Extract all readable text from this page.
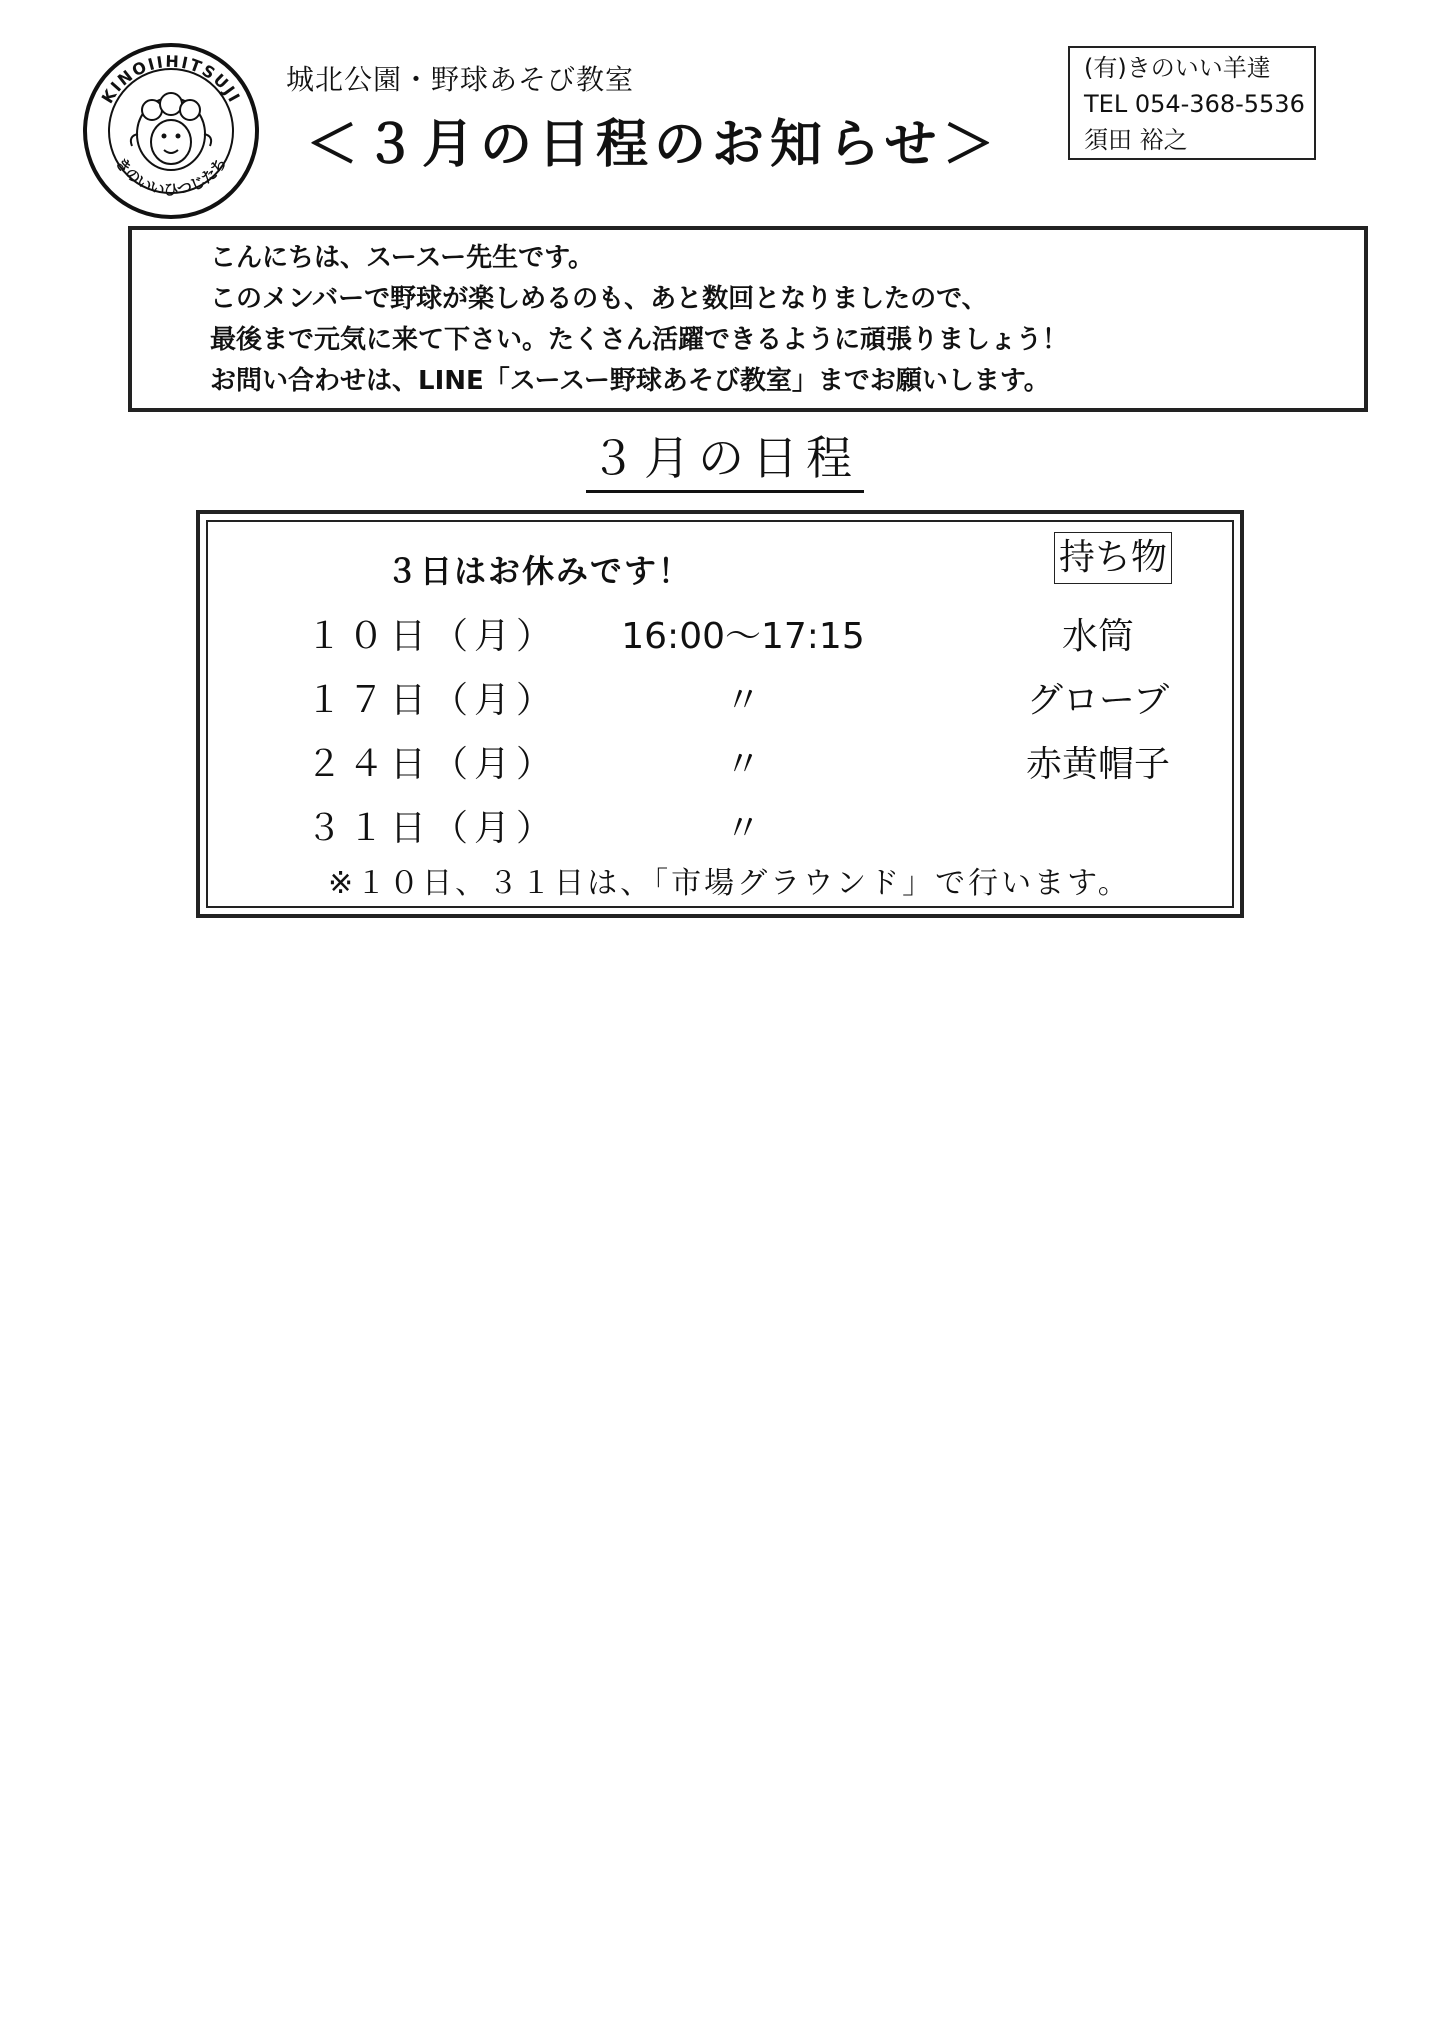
KINOIIHITSUJI
きのいいひつじたち
城北公園・野球あそび教室
＜３月の日程のお知らせ＞
(有)きのいい羊達
TEL 054-368-5536
須田 裕之
こんにちは、スースー先生です。
このメンバーで野球が楽しめるのも、あと数回となりましたので、
最後まで元気に来て下さい。たくさん活躍できるように頑張りましょう！
お問い合わせは、LINE「スースー野球あそび教室」までお願いします。
３月の日程
３日はお休みです！	持ち物
１０日（月）	16:00～17:15	水筒
１７日（月）	〃	グローブ
２４日（月）	〃	赤黄帽子
３１日（月）	〃
※１０日、３１日は、「市場グラウンド」で行います。
